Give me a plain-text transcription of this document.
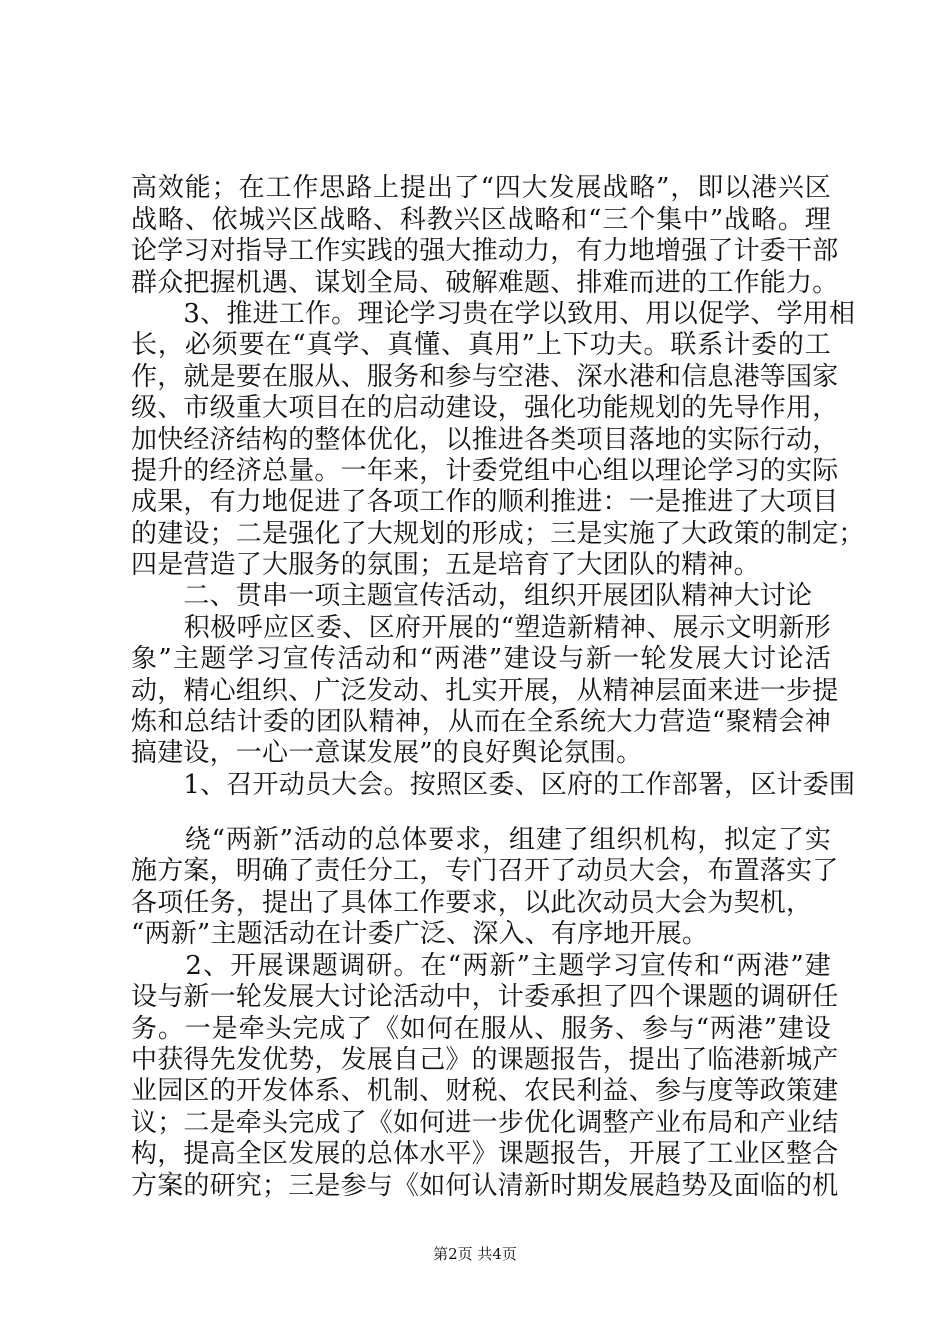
高效能；在工作思路上提出了“四大发展战略”，即以港兴区
战略、依城兴区战略、科教兴区战略和“三个集中”战略。理
论学习对指导工作实践的强大推动力，有力地增强了计委干部
群众把握机遇、谋划全局、破解难题、排难而进的工作能力。
　　3、推进工作。理论学习贵在学以致用、用以促学、学用相
长，必须要在“真学、真懂、真用”上下功夫。联系计委的工
作，就是要在服从、服务和参与空港、深水港和信息港等国家
级、市级重大项目在的启动建设，强化功能规划的先导作用，
加快经济结构的整体优化，以推进各类项目落地的实际行动，
提升的经济总量。一年来，计委党组中心组以理论学习的实际
成果，有力地促进了各项工作的顺利推进：一是推进了大项目
的建设；二是强化了大规划的形成；三是实施了大政策的制定；
四是营造了大服务的氛围；五是培育了大团队的精神。
　　二、贯串一项主题宣传活动，组织开展团队精神大讨论
　　积极呼应区委、区府开展的“塑造新精神、展示文明新形
象”主题学习宣传活动和“两港”建设与新一轮发展大讨论活
动，精心组织、广泛发动、扎实开展，从精神层面来进一步提
炼和总结计委的团队精神，从而在全系统大力营造“聚精会神
搞建设，一心一意谋发展”的良好舆论氛围。
　　1、召开动员大会。按照区委、区府的工作部署，区计委围
　　绕“两新”活动的总体要求，组建了组织机构，拟定了实
施方案，明确了责任分工，专门召开了动员大会，布置落实了
各项任务，提出了具体工作要求，以此次动员大会为契机，
“两新”主题活动在计委广泛、深入、有序地开展。
　　2、开展课题调研。在“两新”主题学习宣传和“两港”建
设与新一轮发展大讨论活动中，计委承担了四个课题的调研任
务。一是牵头完成了《如何在服从、服务、参与“两港”建设
中获得先发优势，发展自己》的课题报告，提出了临港新城产
业园区的开发体系、机制、财税、农民利益、参与度等政策建
议；二是牵头完成了《如何进一步优化调整产业布局和产业结
构，提高全区发展的总体水平》课题报告，开展了工业区整合
方案的研究；三是参与《如何认清新时期发展趋势及面临的机
第2页 共4页
